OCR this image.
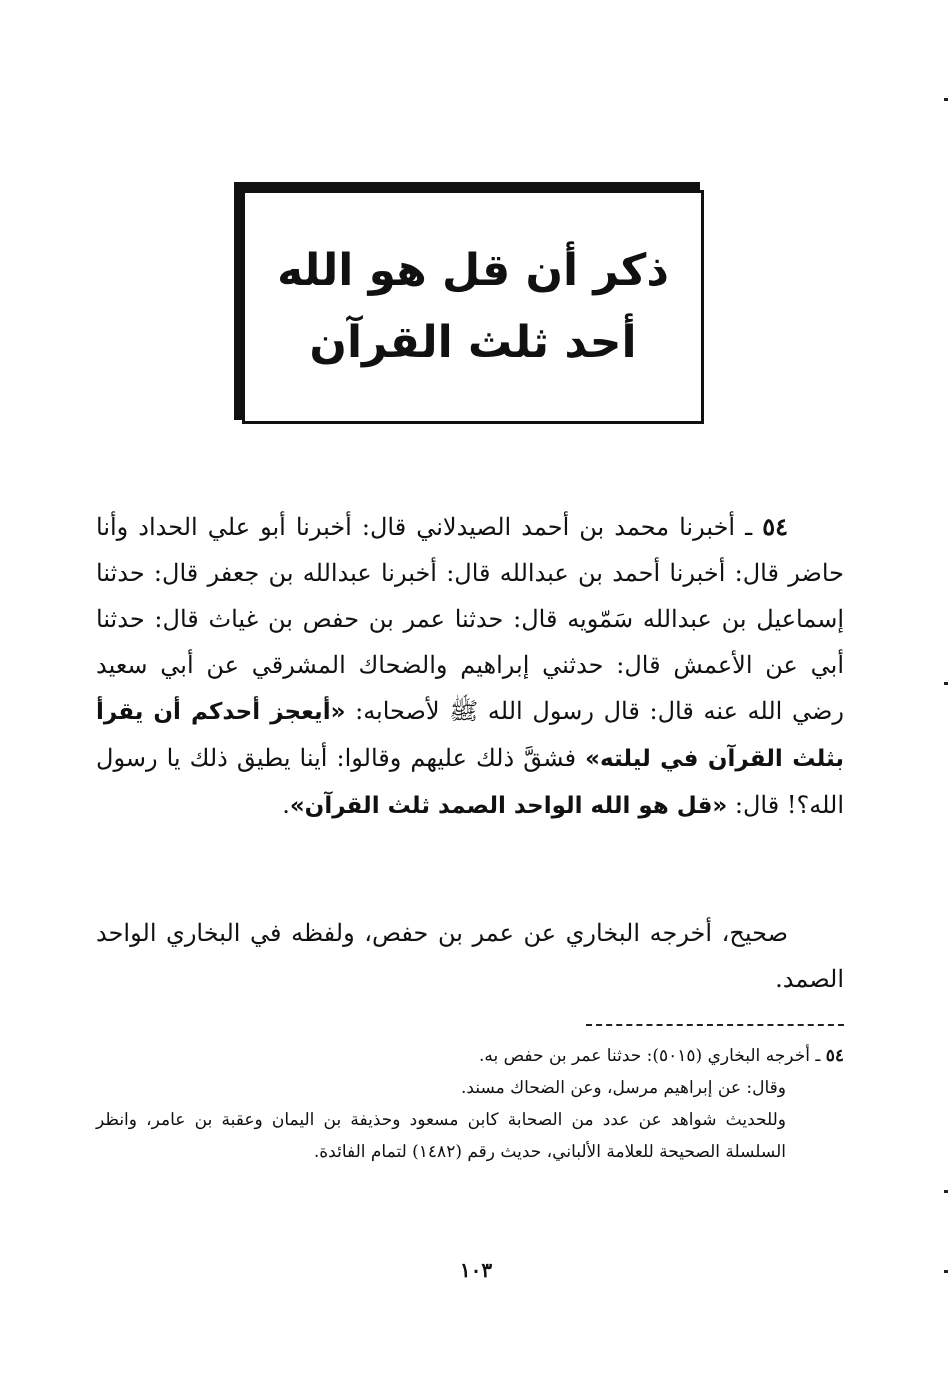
ذكر أن قل هو الله
أحد ثلث القرآن

٥٤ ـ أخبرنا محمد بن أحمد الصيدلاني قال: أخبرنا أبو علي الحداد وأنا حاضر قال: أخبرنا أحمد بن عبدالله قال: أخبرنا عبدالله بن جعفر قال: حدثنا إسماعيل بن عبدالله سَمّويه قال: حدثنا عمر بن حفص بن غياث قال: حدثنا أبي عن الأعمش قال: حدثني إبراهيم والضحاك المشرقي عن أبي سعيد رضي الله عنه قال: قال رسول الله ﷺ لأصحابه: «أيعجز أحدكم أن يقرأ بثلث القرآن في ليلته» فشقَّ ذلك عليهم وقالوا: أينا يطيق ذلك يا رسول الله؟! قال: «قل هو الله الواحد الصمد ثلث القرآن».

صحيح، أخرجه البخاري عن عمر بن حفص، ولفظه في البخاري الواحد الصمد.

٥٤ ـ أخرجه البخاري (٥٠١٥): حدثنا عمر بن حفص به.

وقال: عن إبراهيم مرسل، وعن الضحاك مسند.

وللحديث شواهد عن عدد من الصحابة كابن مسعود وحذيفة بن اليمان وعقبة بن عامر، وانظر السلسلة الصحيحة للعلامة الألباني، حديث رقم (١٤٨٢) لتمام الفائدة.

١٠٣
